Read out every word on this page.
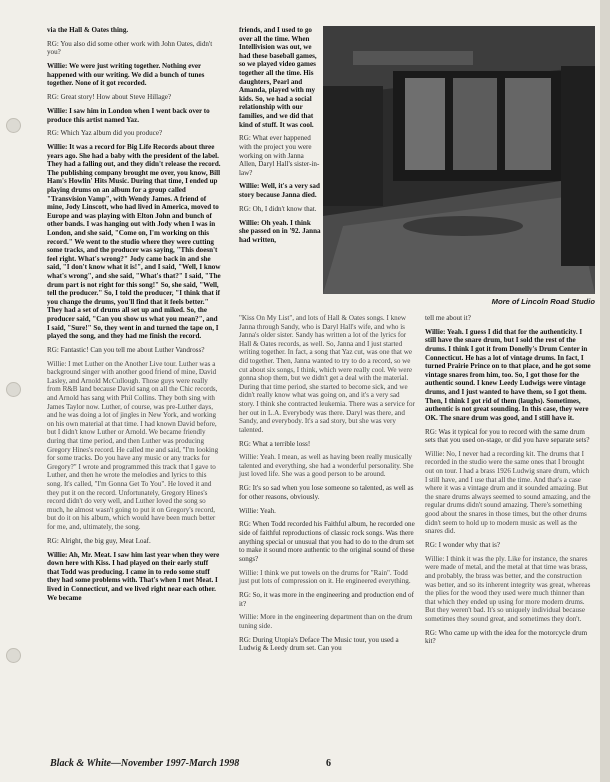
via the Hall & Oates thing.

RG: You also did some other work with John Oates, didn't you?

Willie: We were just writing together. Nothing ever happened with our writing. We did a bunch of tunes together. None of it got recorded.

RG: Great story! How about Steve Hillage?

Willie: I saw him in London when I went back over to produce this artist named Yaz.

RG: Which Yaz album did you produce?

Willie: It was a record for Big Life Records about three years ago. She had a baby with the president of the label. They had a falling out, and they didn't release the record. The publishing company brought me over, you know, Bill Ham's Howlin' Hits Music. During that time, I ended up playing drums on an album for a group called "Transvision Vamp", with Wendy James. A friend of mine, Jody Linscott, who had lived in America, moved to Europe and was playing with Elton John and bunch of other bands. I was hanging out with Jody when I was in London, and she said, "Come on, I'm working on this record." We went to the studio where they were cutting some tracks, and the producer was saying, "This doesn't feel right. What's wrong?" Jody came back in and she said, "I don't know what it is!", and I said, "Well, I know what's wrong", and she said, "What's that?" I said, "The drum part is not right for this song!" So, she said, "Well, tell the producer." So, I told the producer, "I think that if you change the drums, you'll find that it feels better." They had a set of drums all set up and miked. So, the producer said, "Can you show us what you mean?", and I said, "Sure!" So, they went in and turned the tape on, I played the song, and they had me finish the record.

RG: Fantastic! Can you tell me about Luther Vandross?

Willie: I met Luther on the Another Live tour. Luther was a background singer with another good friend of mine, David Lasley, and Arnold McCullough. Those guys were really from R&B land because David sang on all the Chic records, and Arnold has sang with Phil Collins. They both sing with James Taylor now. Luther, of course, was pre-Luther days, and he was doing a lot of jingles in New York, and working on his own material at that time. I had known David before, but I didn't know Luther or Arnold. We became friendly during that time period, and then Luther was producing Gregory Hines's record. He called me and said, "I'm looking for some tracks. Do you have any music or any tracks for Gregory?" I wrote and programmed this track that I gave to Luther, and then he wrote the melodies and lyrics to this song. It's called, "I'm Gonna Get To You". He loved it and they put it on the record. Unfortunately, Gregory Hines's record didn't do very well, and Luther loved the song so much, he almost wasn't going to put it on Gregory's record, but do it on his album, which would have been much better for me, and, ultimately, the song.

RG: Alright, the big guy, Meat Loaf.

Willie: Ah, Mr. Meat. I saw him last year when they were down here with Kiss. I had played on their early stuff that Todd was producing. I came in to redo some stuff they had some problems with. That's when I met Meat. I lived in Connecticut, and we lived right near each other. We became

friends, and I used to go over all the time. When Intellivision was out, we had these baseball games, so we played video games together all the time. His daughters, Pearl and Amanda, played with my kids. So, we had a social relationship with our families, and we did that kind of stuff. It was cool.

RG: What ever happened with the project you were working on with Janna Allen, Daryl Hall's sister-in-law?

Willie: Well, it's a very sad story because Janna died.

RG: Oh, I didn't know that.

Willie: Oh yeah. I think she passed on in '92. Janna had written,

More of Lincoln Road Studio

"Kiss On My List", and lots of Hall & Oates songs. I knew Janna through Sandy, who is Daryl Hall's wife, and who is Janna's older sister. Sandy has written a lot of the lyrics for Hall & Oates records, as well. So, Janna and I just started writing together. In fact, a song that Yaz cut, was one that we did together. Then, Janna wanted to try to do a record, so we cut about six songs, I think, which were really cool. We were gonna shop them, but we didn't get a deal with the material. During that time period, she started to become sick, and we didn't really know what was going on, and it's a very sad story. I think she contracted leukemia. There was a service for her out in L.A. Everybody was there. Daryl was there, and Sandy, and everybody. It's a sad story, but she was very talented.

RG: What a terrible loss!

Willie: Yeah. I mean, as well as having been really musically talented and everything, she had a wonderful personality. She just loved life. She was a good person to be around.

RG: It's so sad when you lose someone so talented, as well as for other reasons, obviously.

Willie: Yeah.

RG: When Todd recorded his Faithful album, he recorded one side of faithful reproductions of classic rock songs. Was there anything special or unusual that you had to do to the drum set to make it sound more authentic to the original sound of these songs?

Willie: I think we put towels on the drums for "Rain". Todd just put lots of compression on it. He engineered everything.

RG: So, it was more in the engineering and production end of it?

Willie: More in the engineering department than on the drum tuning side.

RG: During Utopia's Deface The Music tour, you used a Ludwig & Leedy drum set. Can you

tell me about it?

Willie: Yeah. I guess I did that for the authenticity. I still have the snare drum, but I sold the rest of the drums. I think I got it from Donelly's Drum Center in Connecticut. He has a lot of vintage drums. In fact, I turned Prairie Prince on to that place, and he got some vintage snares from him, too. So, I got those for the authentic sound. I knew Leedy Ludwigs were vintage drums, and I just wanted to have them, so I got them. Then, I think I got rid of them (laughs). Sometimes, authentic is not great sounding. In this case, they were OK. The snare drum was good, and I still have it.

RG: Was it typical for you to record with the same drum sets that you used on-stage, or did you have separate sets?

Willie: No, I never had a recording kit. The drums that I recorded in the studio were the same ones that I brought out on tour. I had a brass 1926 Ludwig snare drum, which I still have, and I use that all the time. And that's a case where it was a vintage drum and it sounded amazing. But the snare drums always seemed to sound amazing, and the regular drums didn't sound amazing. There's something good about the snares in those times, but the other drums didn't seem to hold up to modern music as well as the snares did.

RG: I wonder why that is?

Willie: I think it was the ply. Like for instance, the snares were made of metal, and the metal at that time was brass, and probably, the brass was better, and the construction was better, and so its inherent integrity was great, whereas the plies for the wood they used were much thinner than that which they ended up using for more modern drums. But they weren't bad. It's so uniquely individual because sometimes they sound great, and sometimes they don't.

RG: Who came up with the idea for the motorcycle drum kit?

Black & White—November 1997-March 1998	6
